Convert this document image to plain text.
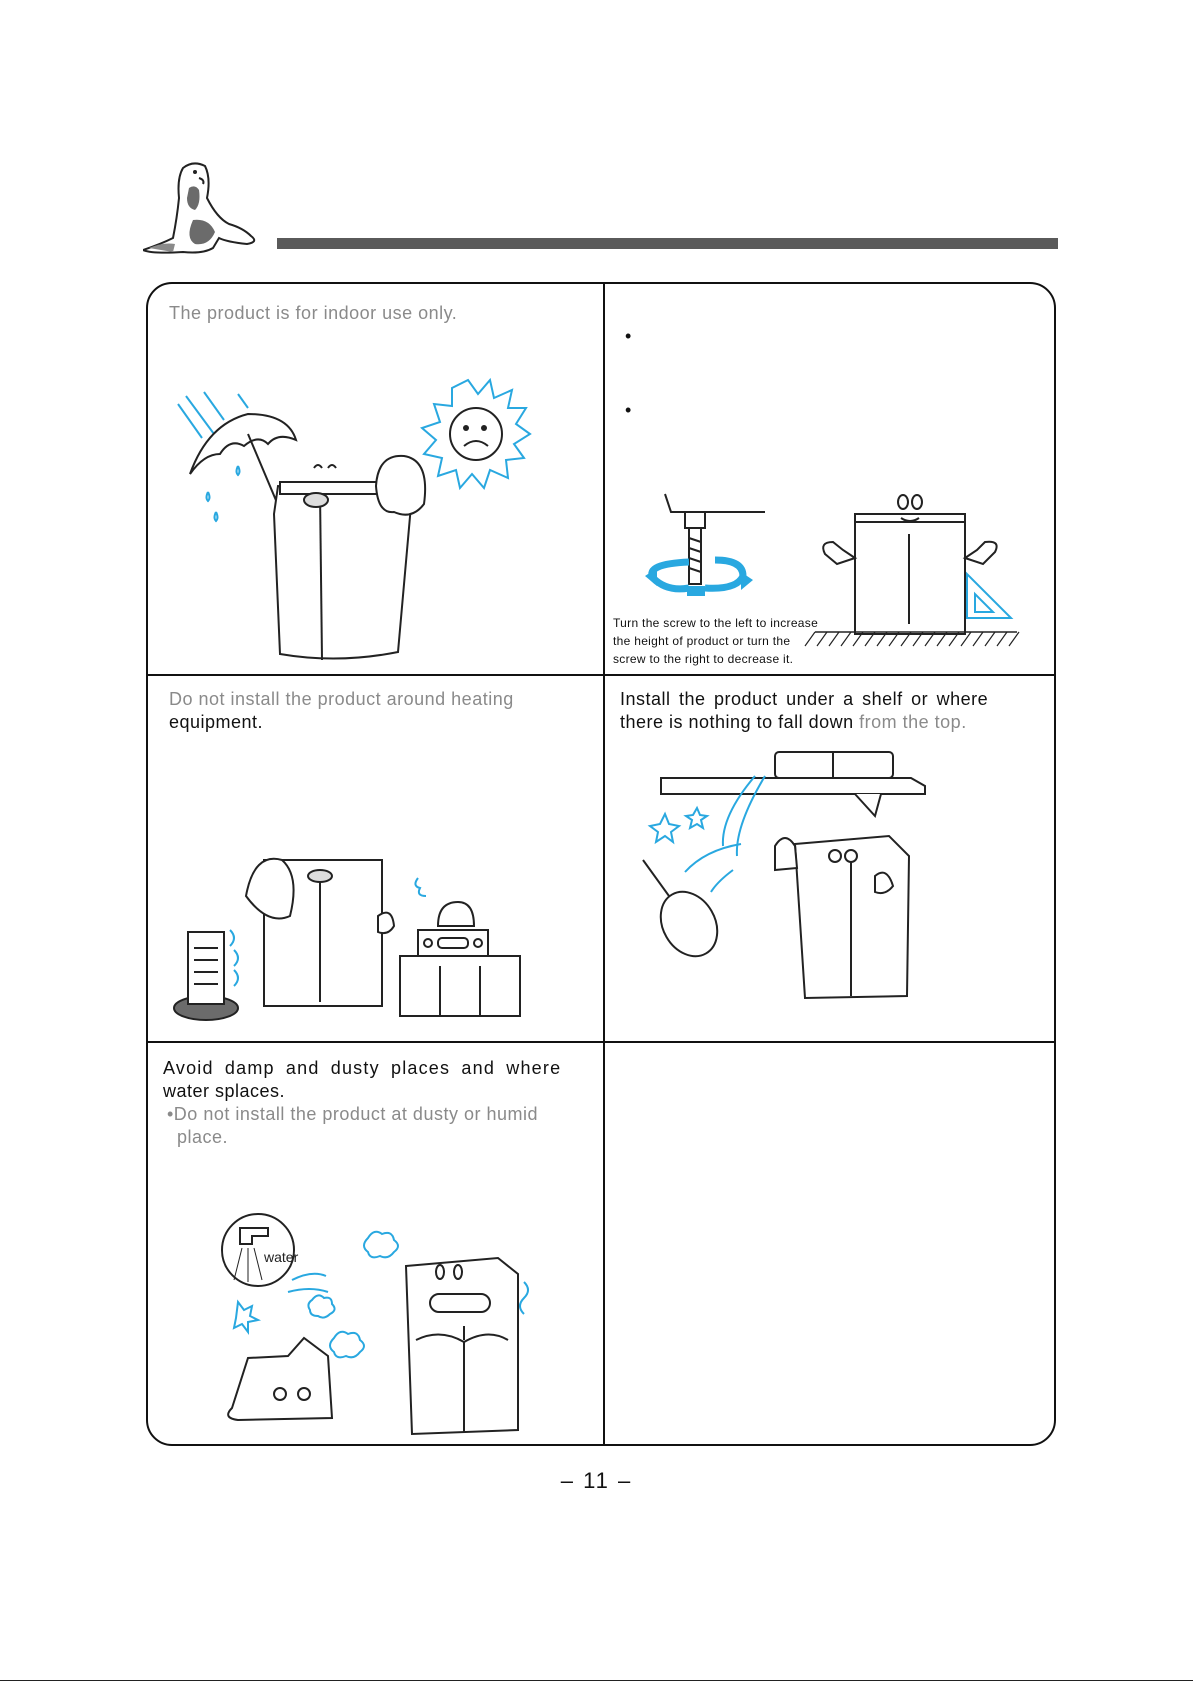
The product is for indoor use only.
•
•
Turn the screw to the left to increase
the height of product or turn the
screw to the right to decrease it.
Do not install the product around heating
equipment.
Install the product under a shelf or where
there is nothing to fall down from the top.
Avoid damp and dusty places and where
water splaces.
•Do not install the product at dusty or humid
place.
water
– 11 –
